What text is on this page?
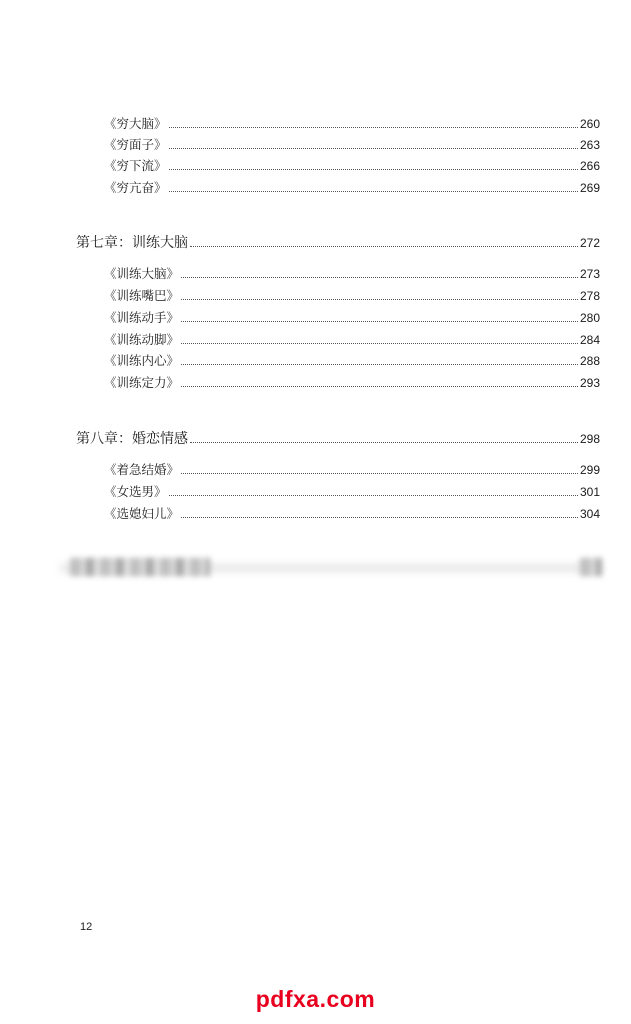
《穷大脑》	260
《穷面子》	263
《穷下流》	266
《穷亢奋》	269
第七章：训练大脑	272
《训练大脑》	273
《训练嘴巴》	278
《训练动手》	280
《训练动脚》	284
《训练内心》	288
《训练定力》	293
第八章：婚恋情感	298
《着急结婚》	299
《女选男》	301
《选媳妇儿》	304
12
pdfxa.com
